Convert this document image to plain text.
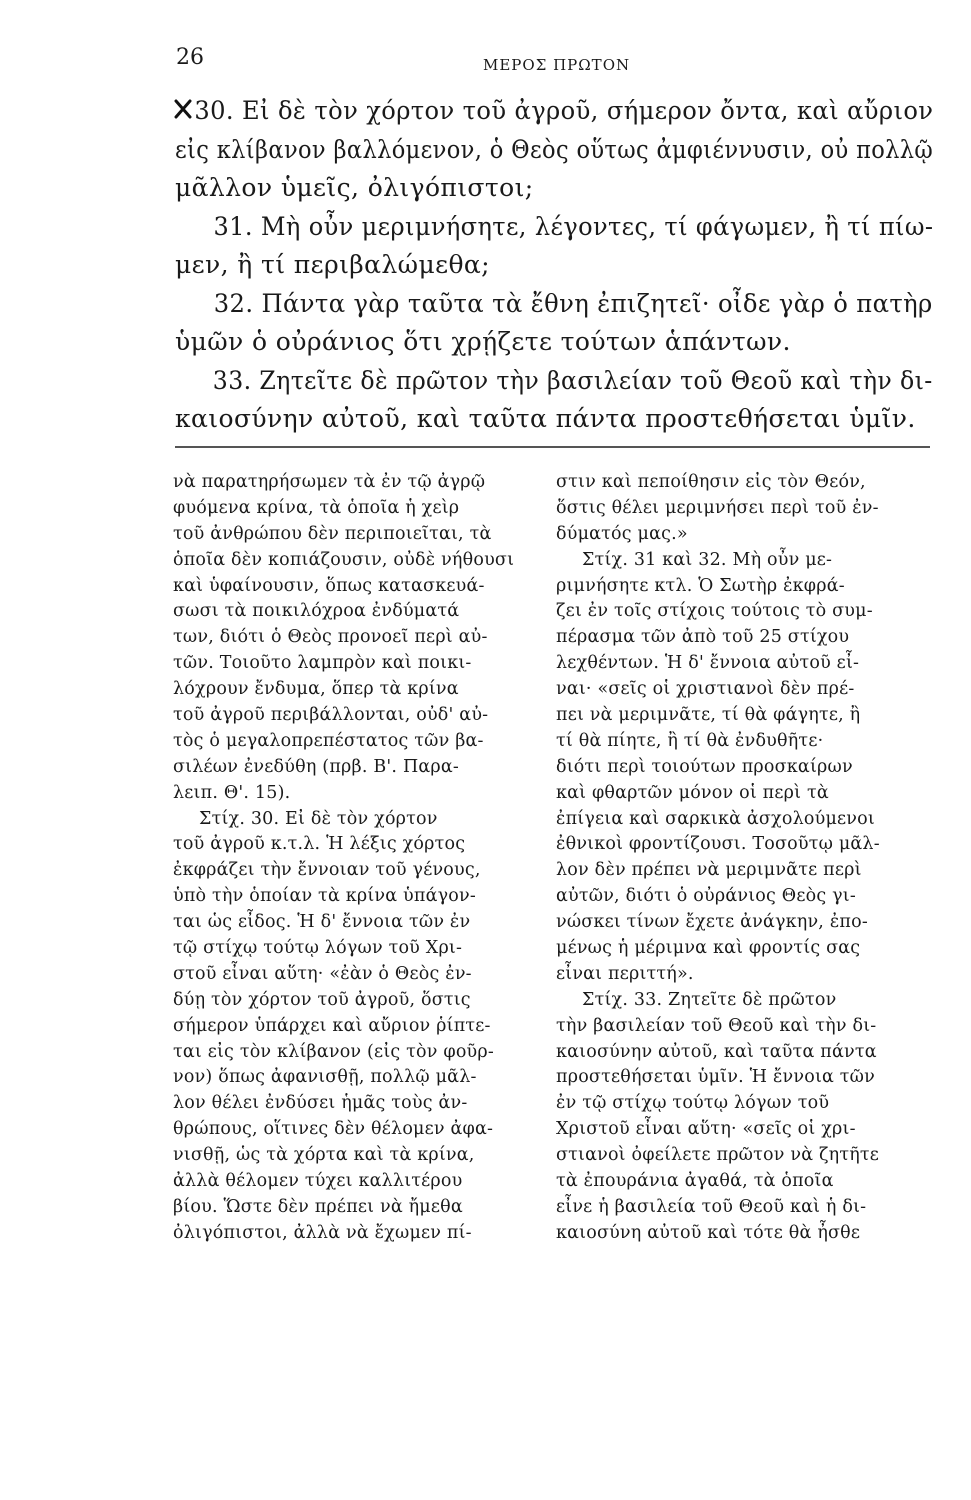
26	ΜΕΡΟΣ ΠΡΩΤΟΝ
30. Εἰ δὲ τὸν χόρτον τοῦ ἀγροῦ, σήμερον ὄντα, καὶ αὔριον
εἰς κλίβανον βαλλόμενον, ὁ Θεὸς οὕτως ἀμφιέννυσιν, οὐ πολλῷ
μᾶλλον ὑμεῖς, ὀλιγόπιστοι;
31. Μὴ οὖν μεριμνήσητε, λέγοντες, τί φάγωμεν, ἢ τί πίω-
μεν, ἢ τί περιβαλώμεθα;
32. Πάντα γὰρ ταῦτα τὰ ἔθνη ἐπιζητεῖ· οἶδε γὰρ ὁ πατὴρ
ὑμῶν ὁ οὐράνιος ὅτι χρῄζετε τούτων ἁπάντων.
33. Ζητεῖτε δὲ πρῶτον τὴν βασιλείαν τοῦ Θεοῦ καὶ τὴν δι-
καιοσύνην αὐτοῦ, καὶ ταῦτα πάντα προστεθήσεται ὑμῖν.
νὰ παρατηρήσωμεν τὰ ἐν τῷ ἀγρῷ
φυόμενα κρίνα, τὰ ὁποῖα ἡ χεὶρ
τοῦ ἀνθρώπου δὲν περιποιεῖται, τὰ
ὁποῖα δὲν κοπιάζουσιν, οὐδὲ νήθουσι
καὶ ὑφαίνουσιν, ὅπως κατασκευά-
σωσι τὰ ποικιλόχροα ἐνδύματά
των, διότι ὁ Θεὸς προνοεῖ περὶ αὐ-
τῶν. Τοιοῦτο λαμπρὸν καὶ ποικι-
λόχρουν ἔνδυμα, ὅπερ τὰ κρίνα
τοῦ ἀγροῦ περιβάλλονται, οὐδ' αὐ-
τὸς ὁ μεγαλοπρεπέστατος τῶν βα-
σιλέων ἐνεδύθη (πρβ. Β'. Παρα-
λειπ. Θ'. 15).
Στίχ. 30. Εἰ δὲ τὸν χόρτον
τοῦ ἀγροῦ κ.τ.λ. Ἡ λέξις χόρτος
ἐκφράζει τὴν ἔννοιαν τοῦ γένους,
ὑπὸ τὴν ὁποίαν τὰ κρίνα ὑπάγον-
ται ὡς εἶδος. Ἡ δ' ἔννοια τῶν ἐν
τῷ στίχῳ τούτῳ λόγων τοῦ Χρι-
στοῦ εἶναι αὕτη· «ἐὰν ὁ Θεὸς ἐν-
δύῃ τὸν χόρτον τοῦ ἀγροῦ, ὅστις
σήμερον ὑπάρχει καὶ αὔριον ῥίπτε-
ται εἰς τὸν κλίβανον (εἰς τὸν φοῦρ-
νον) ὅπως ἀφανισθῇ, πολλῷ μᾶλ-
λον θέλει ἐνδύσει ἡμᾶς τοὺς ἀν-
θρώπους, οἵτινες δὲν θέλομεν ἀφα-
νισθῇ, ὡς τὰ χόρτα καὶ τὰ κρίνα,
ἀλλὰ θέλομεν τύχει καλλιτέρου
βίου. Ὥστε δὲν πρέπει νὰ ἤμεθα
ὀλιγόπιστοι, ἀλλὰ νὰ ἔχωμεν πί-
στιν καὶ πεποίθησιν εἰς τὸν Θεόν,
ὅστις θέλει μεριμνήσει περὶ τοῦ ἐν-
δύματός μας.»
Στίχ. 31 καὶ 32. Μὴ οὖν με-
ριμνήσητε κτλ. Ὁ Σωτὴρ ἐκφρά-
ζει ἐν τοῖς στίχοις τούτοις τὸ συμ-
πέρασμα τῶν ἀπὸ τοῦ 25 στίχου
λεχθέντων. Ἡ δ' ἔννοια αὐτοῦ εἶ-
ναι· «σεῖς οἱ χριστιανοὶ δὲν πρέ-
πει νὰ μεριμνᾶτε, τί θὰ φάγητε, ἢ
τί θὰ πίητε, ἢ τί θὰ ἐνδυθῆτε·
διότι περὶ τοιούτων προσκαίρων
καὶ φθαρτῶν μόνον οἱ περὶ τὰ
ἐπίγεια καὶ σαρκικὰ ἀσχολούμενοι
ἐθνικοὶ φροντίζουσι. Τοσοῦτῳ μᾶλ-
λον δὲν πρέπει νὰ μεριμνᾶτε περὶ
αὐτῶν, διότι ὁ οὐράνιος Θεὸς γι-
νώσκει τίνων ἔχετε ἀνάγκην, ἐπο-
μένως ἡ μέριμνα καὶ φροντίς σας
εἶναι περιττή».
Στίχ. 33. Ζητεῖτε δὲ πρῶτον
τὴν βασιλείαν τοῦ Θεοῦ καὶ τὴν δι-
καιοσύνην αὐτοῦ, καὶ ταῦτα πάντα
προστεθήσεται ὑμῖν. Ἡ ἔννοια τῶν
ἐν τῷ στίχῳ τούτῳ λόγων τοῦ
Χριστοῦ εἶναι αὕτη· «σεῖς οἱ χρι-
στιανοὶ ὀφείλετε πρῶτον νὰ ζητῆτε
τὰ ἐπουράνια ἀγαθά, τὰ ὁποῖα
εἶνε ἡ βασιλεία τοῦ Θεοῦ καὶ ἡ δι-
καιοσύνη αὐτοῦ καὶ τότε θὰ ἦσθε
